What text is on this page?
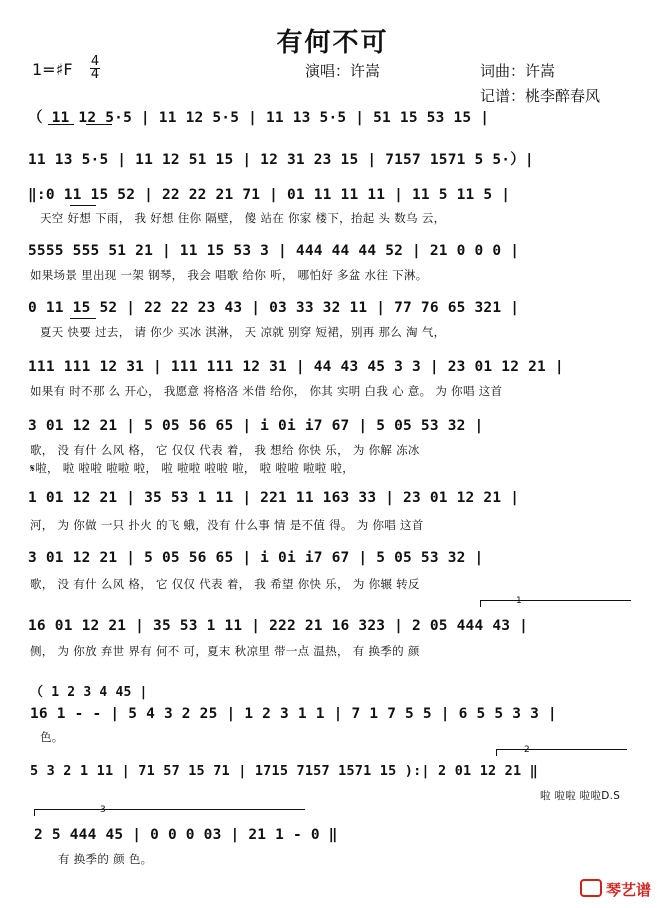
有何不可
1=♯F 4
4	演唱：许嵩	词曲：许嵩
记谱：桃李醉春风
（ 11 12 5·5 | 11 12 5·5 | 11 13 5·5 | 51 15 53 15 |
11 13 5·5 | 11 12 51 15 | 12 31 23 15 | 7157 1571 5 5·）|
‖:0 11 15 52 | 22 22 21 71 | 01 11 11 11 | 11 5 11 5 |
天空 好想 下雨， 我 好想 住你 隔壁， 傻 站在 你家 楼下，抬起 头 数乌 云，
5555 555 51 21 | 11 15 53 3 | 444 44 44 52 | 21 0 0 0 |
如果场景 里出现 一架 钢琴， 我会 唱歌 给你 听， 哪怕好 多盆 水往 下淋。
0 11 15 52 | 22 22 23 43 | 03 33 32 11 | 77 76 65 321 |
夏天 快要 过去， 请 你少 买冰 淇淋， 天 凉就 别穿 短裙，别再 那么 淘 气，
111 111 12 31 | 111 111 12 31 | 44 43 45 3 3 | 23 01 12 21 |
如果有 时不那 么 开心， 我愿意 将格洛 米借 给你， 你其 实明 白我 心 意。 为 你唱 这首
3 01 12 21 | 5 05 56 65 | i 0i i7 67 | 5 05 53 32 |
歌， 没 有什 么风 格， 它 仅仅 代表 着， 我 想给 你快 乐， 为 你解 冻冰
𝄋啦， 啦 啦啦 啦啦 啦， 啦 啦啦 啦啦 啦， 啦 啦啦 啦啦 啦，
1 01 12 21 | 35 53 1 11 | 221 11 163 33 | 23 01 12 21 |
河， 为 你做 一只 扑火 的飞 蛾，没有 什么事 情 是不值 得。 为 你唱 这首
3 01 12 21 | 5 05 56 65 | i 0i i7 67 | 5 05 53 32 |
歌， 没 有什 么风 格， 它 仅仅 代表 着， 我 希望 你快 乐， 为 你辗 转反
1
16 01 12 21 | 35 53 1 11 | 222 21 16 323 | 2 05 444 43 |
侧， 为 你放 弃世 界有 何不 可，夏末 秋凉里 带一点 温热， 有 换季的 颜
（ 1 2 3 4 45 |
16 1 - - | 5 4 3 2 25 | 1 2 3 1 1 | 7 1 7 5 5 | 6 5 5 3 3 |
色。
2
5 3 2 1 11 | 71 57 15 71 | 1715 7157 1571 15 ):| 2 01 12 21 ‖
啦 啦啦 啦啦D.S
3
2 5 444 45 | 0 0 0 03 | 21 1 - 0 ‖
有 换季的 颜 色。
琴艺谱
